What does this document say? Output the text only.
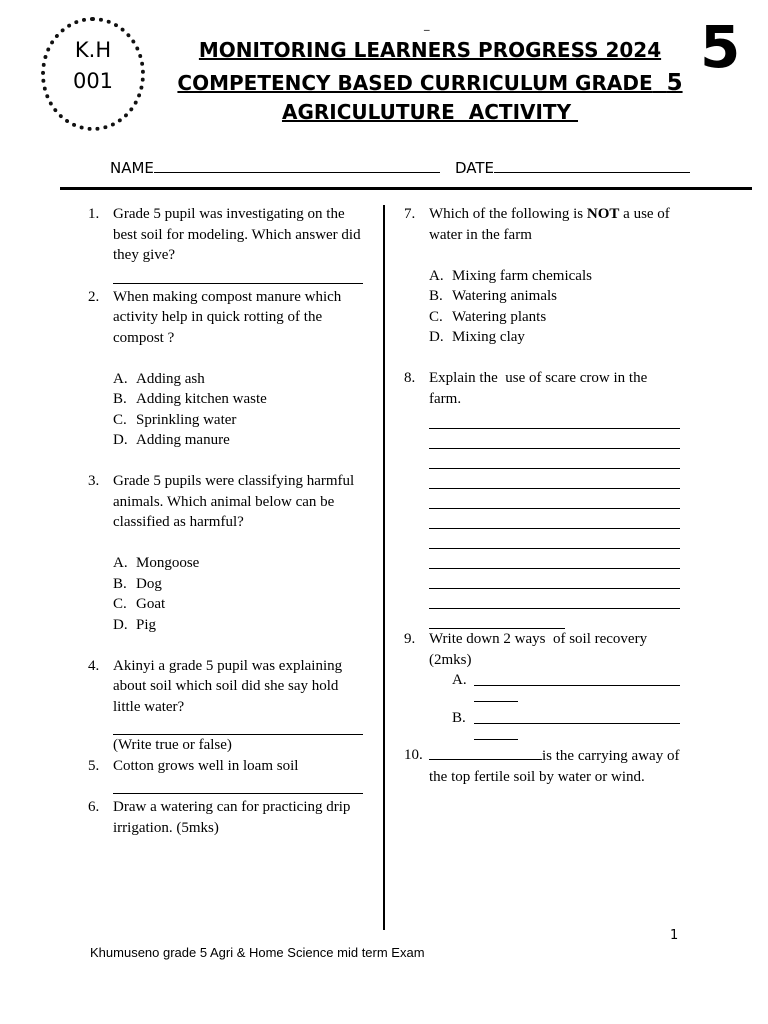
K.H
001
_
MONITORING LEARNERS PROGRESS 2024
COMPETENCY BASED CURRICULUM GRADE 5
AGRICULUTURE  ACTIVITY
5
NAME	DATE
1. Grade 5 pupil was investigating on the best soil for modeling. Which answer did they give?
2. When making compost manure which activity help in quick rotting of the compost ?
A. Adding ash
B. Adding kitchen waste
C. Sprinkling water
D. Adding manure
3. Grade 5 pupils were classifying harmful animals. Which animal below can be classified as harmful?
A. Mongoose
B. Dog
C. Goat
D. Pig
4. Akinyi a grade 5 pupil was explaining about soil which soil did she say hold little water?
(Write true or false)
5. Cotton grows well in loam soil
6. Draw a watering can for practicing drip irrigation. (5mks)
7. Which of the following is NOT a use of water in the farm
A. Mixing farm chemicals
B. Watering animals
C. Watering plants
D. Mixing clay
8. Explain the  use of scare crow in the farm.
9. Write down 2 ways  of soil recovery (2mks)
A.
B.
10.	is the carrying away of the top fertile soil by water or wind.
1
Khumuseno grade 5 Agri & Home Science mid term Exam
